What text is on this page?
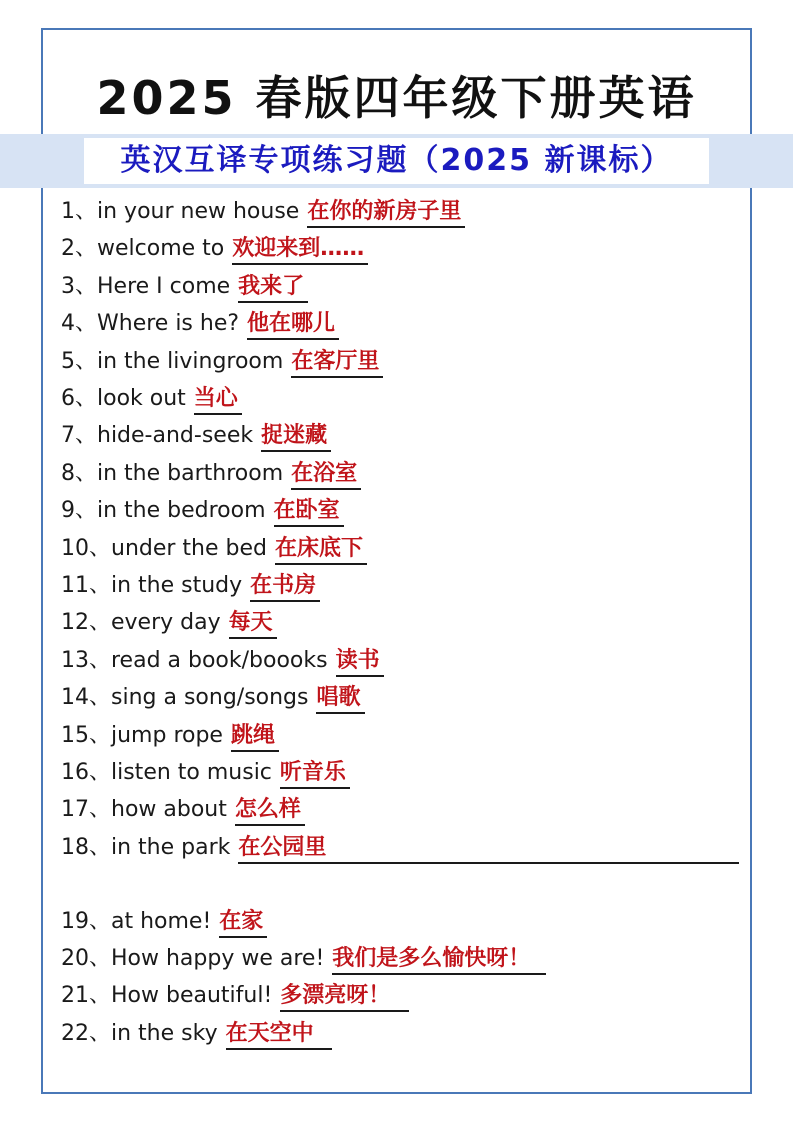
2025 春版四年级下册英语
英汉互译专项练习题（2025 新课标）
1、in your new house 在你的新房子里
2、welcome to 欢迎来到……
3、Here I come 我来了
4、Where is he? 他在哪儿
5、in the livingroom 在客厅里
6、look out 当心
7、hide-and-seek 捉迷藏
8、in the barthroom 在浴室
9、in the bedroom 在卧室
10、under the bed 在床底下
11、in the study 在书房
12、every day 每天
13、read a book/boooks 读书
14、sing a song/songs 唱歌
15、jump rope 跳绳
16、listen to music 听音乐
17、how about 怎么样
18、in the park 在公园里
19、at home! 在家
20、How happy we are! 我们是多么愉快呀！
21、How beautiful! 多漂亮呀！
22、in the sky 在天空中
